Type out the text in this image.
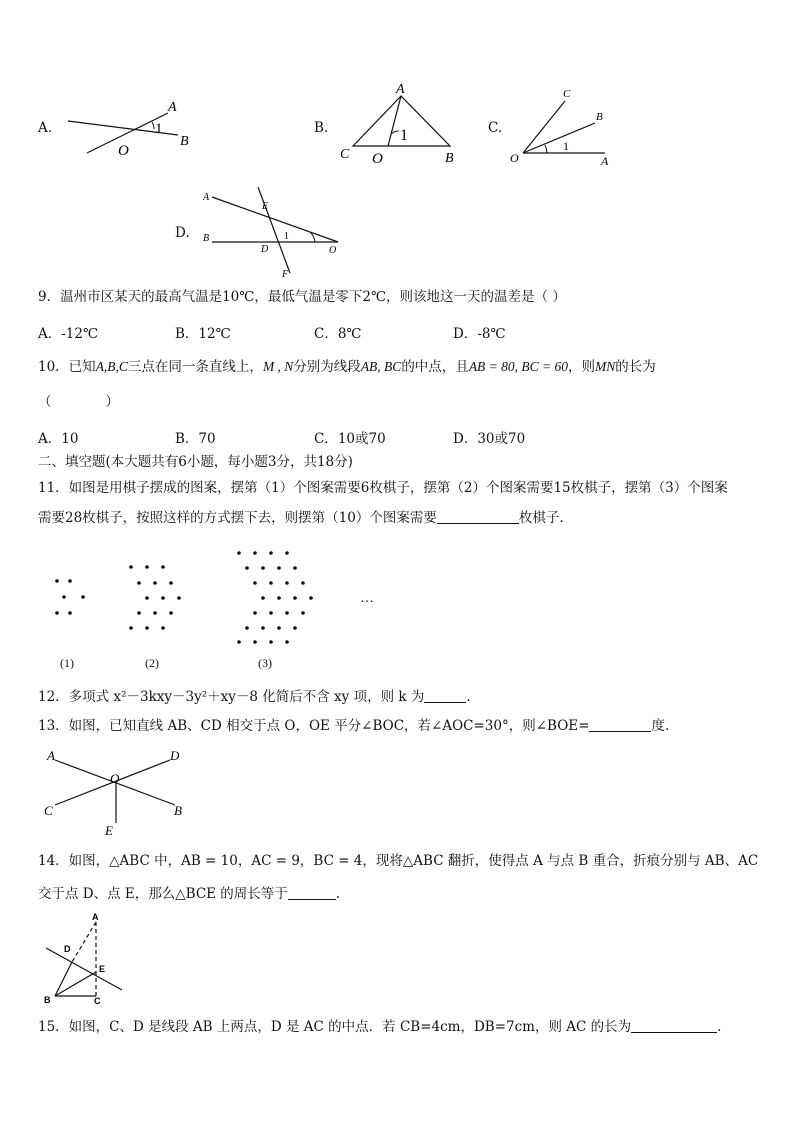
A.
A
B
O
1	B.
A
C O	B
1	C.
C
B
O	A
1
D.
A
B
E
D
F
O
1
9．温州市区某天的最高气温是10℃，最低气温是零下2℃，则该地这一天的温差是（ ）
A．-12℃	B．12℃	C．8℃	D．-8℃
10．已知A,B,C三点在同一条直线上，M , N分别为线段AB, BC的中点，且AB = 80, BC = 60，则MN的长为
（　　　　）
A．10	B．70	C．10或70	D．30或70
二、填空题(本大题共有6小题，每小题3分，共18分)
11．如图是用棋子摆成的图案，摆第（1）个图案需要6枚棋子，摆第（2）个图案需要15枚棋子，摆第（3）个图案
需要28枚棋子，按照这样的方式摆下去，则摆第（10）个图案需要	枚棋子.
…
(1)	(2)	(3)
12．多项式 x²－3kxy－3y²＋xy－8 化简后不含 xy 项，则 k 为	.
13．如图，已知直线 AB、CD 相交于点 O，OE 平分∠BOC，若∠AOC=30°，则∠BOE=	度.
A	D
O
C	B
E
14．如图，△ABC 中，AB = 10，AC = 9，BC = 4，现将△ABC 翻折，使得点 A 与点 B 重合，折痕分别与 AB、AC
交于点 D、点 E，那么△BCE 的周长等于	.
A
D
E
B	C
15．如图，C、D 是线段 AB 上两点，D 是 AC 的中点．若 CB=4cm，DB=7cm，则 AC 的长为	.
